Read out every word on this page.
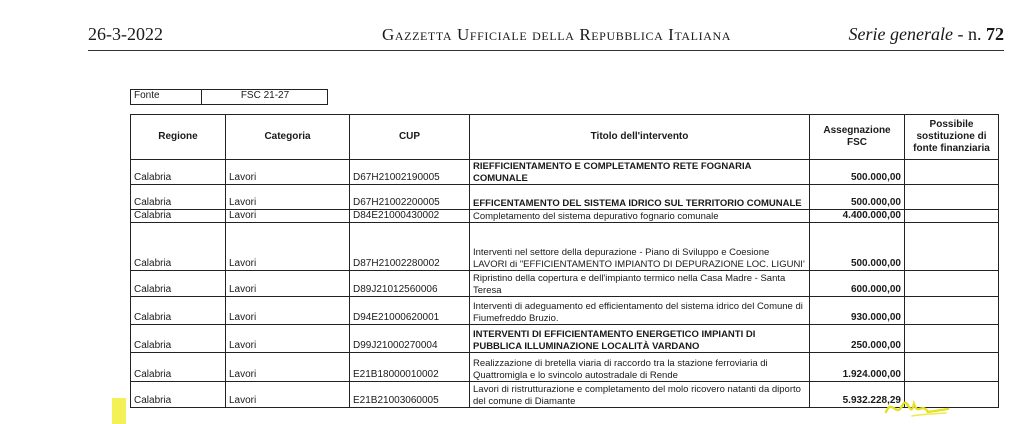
26-3-2022	Gazzetta Ufficiale della Repubblica Italiana	Serie generale - n. 72
Fonte	FSC 21-27
Regione	Categoria	CUP	Titolo dell'intervento	Assegnazione FSC	Possibile sostituzione di fonte finanziaria
Calabria	Lavori	D67H21002190005	RIEFFICIENTAMENTO E COMPLETAMENTO RETE FOGNARIA COMUNALE	500.000,00	
Calabria	Lavori	D67H21002200005	EFFICENTAMENTO DEL SISTEMA IDRICO SUL TERRITORIO COMUNALE	500.000,00	
Calabria	Lavori	D84E21000430002	Completamento del sistema depurativo fognario comunale	4.400.000,00	
Calabria	Lavori	D87H21002280002	Interventi nel settore della depurazione - Piano di Sviluppo e Coesione LAVORI di "EFFICIENTAMENTO IMPIANTO DI DEPURAZIONE LOC. LIGUNI'	500.000,00	
Calabria	Lavori	D89J21012560006	Ripristino della copertura e dell'impianto termico nella Casa Madre - Santa Teresa	600.000,00	
Calabria	Lavori	D94E21000620001	Interventi di adeguamento ed efficientamento del sistema idrico del Comune di Fiumefreddo Bruzio.	930.000,00	
Calabria	Lavori	D99J21000270004	INTERVENTI DI EFFICIENTAMENTO ENERGETICO IMPIANTI DI PUBBLICA ILLUMINAZIONE LOCALITÀ VARDANO	250.000,00	
Calabria	Lavori	E21B18000010002	Realizzazione di bretella viaria di raccordo tra la stazione ferroviaria di Quattromigla e lo svincolo autostradale di Rende	1.924.000,00	
Calabria	Lavori	E21B21003060005	Lavori di ristrutturazione e completamento del molo ricovero natanti da diporto del comune di Diamante	5.932.228,29	
